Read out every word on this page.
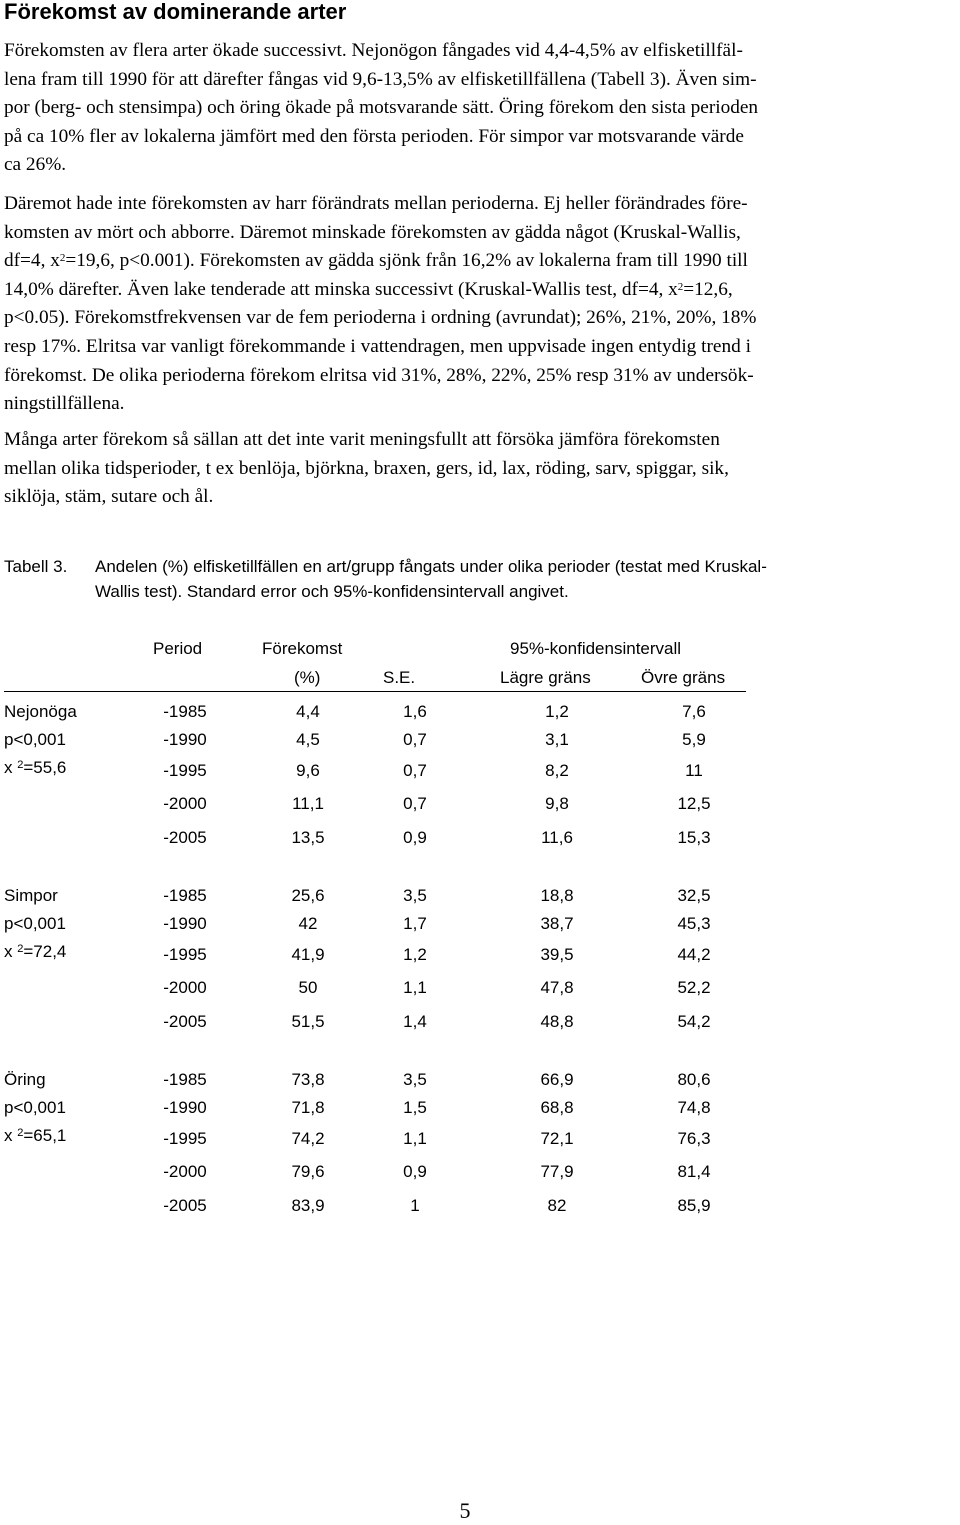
Förekomst av dominerande arter
Förekomsten av flera arter ökade successivt. Nejonögon fångades vid 4,4-4,5% av elfisketillfäl-
lena fram till 1990 för att därefter fångas vid 9,6-13,5% av elfisketillfällena (Tabell 3). Även sim-
por (berg- och stensimpa) och öring ökade på motsvarande sätt. Öring förekom den sista perioden
på ca 10% fler av lokalerna jämfört med den första perioden. För simpor var motsvarande värde
ca 26%.
Däremot hade inte förekomsten av harr förändrats mellan perioderna. Ej heller förändrades före-
komsten av mört och abborre. Däremot minskade förekomsten av gädda något (Kruskal-Wallis,
df=4, $x^2=19,6$, p<0.001). Förekomsten av gädda sjönk från 16,2% av lokalerna fram till 1990 till
14,0% därefter. Även lake tenderade att minska successivt (Kruskal-Wallis test, df=4, $x^2=12,6$,
p<0.05). Förekomstfrekvensen var de fem perioderna i ordning (avrundat); 26%, 21%, 20%, 18%
resp 17%. Elritsa var vanligt förekommande i vattendragen, men uppvisade ingen entydig trend i
förekomst. De olika perioderna förekom elritsa vid 31%, 28%, 22%, 25% resp 31% av undersök-
ningstillfällena.
Många arter förekom så sällan att det inte varit meningsfullt att försöka jämföra förekomsten
mellan olika tidsperioder, t ex benlöja, björkna, braxen, gers, id, lax, röding, sarv, spiggar, sik,
siklöja, stäm, sutare och ål.
Tabell 3. Andelen (%) elfisketillfällen en art/grupp fångats under olika perioder (testat med Kruskal-
Wallis test). Standard error och 95%-konfidensintervall angivet.
Period	Förekomst	95%-konfidensintervall
(%)	S.E.	Lägre gräns	Övre gräns
Nejonöga
p<0,001
x $^2$=55,6
-1985	4,4	1,6	1,2	7,6
-1990	4,5	0,7	3,1	5,9
-1995	9,6	0,7	8,2	11
-2000	11,1	0,7	9,8	12,5
-2005	13,5	0,9	11,6	15,3
Simpor
p<0,001
x $^2$=72,4
-1985	25,6	3,5	18,8	32,5
-1990	42	1,7	38,7	45,3
-1995	41,9	1,2	39,5	44,2
-2000	50	1,1	47,8	52,2
-2005	51,5	1,4	48,8	54,2
Öring
p<0,001
x $^2$=65,1
-1985	73,8	3,5	66,9	80,6
-1990	71,8	1,5	68,8	74,8
-1995	74,2	1,1	72,1	76,3
-2000	79,6	0,9	77,9	81,4
-2005	83,9	1	82	85,9
5
